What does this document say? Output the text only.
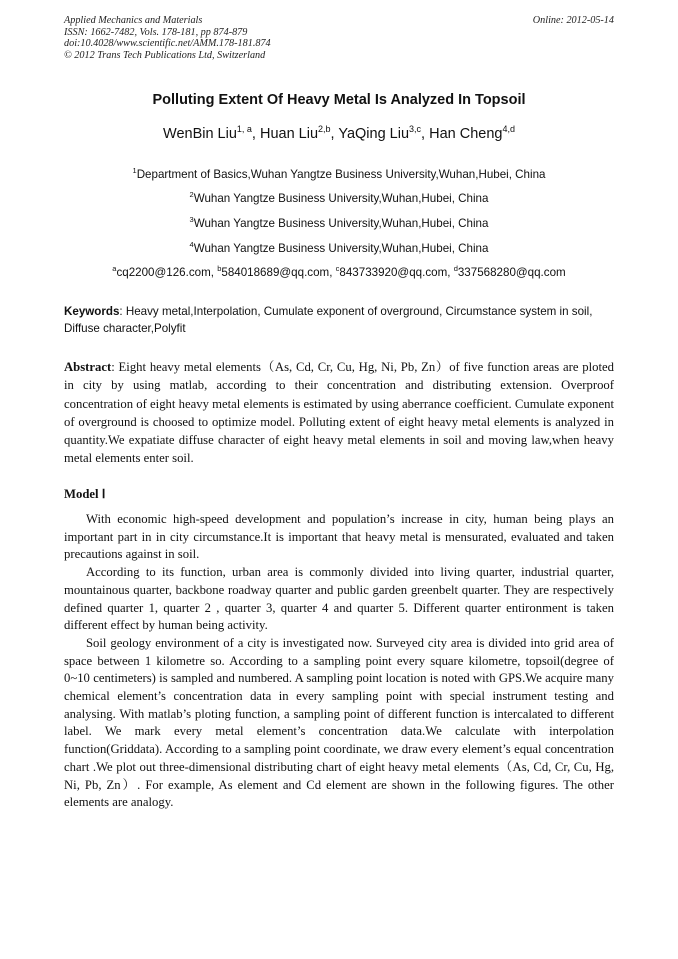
Applied Mechanics and Materials
ISSN: 1662-7482, Vols. 178-181, pp 874-879
doi:10.4028/www.scientific.net/AMM.178-181.874
© 2012 Trans Tech Publications Ltd, Switzerland
Online: 2012-05-14
Polluting Extent Of Heavy Metal Is Analyzed In Topsoil
WenBin Liu$^{1, a}$, Huan Liu$^{2,b}$, YaQing Liu$^{3,c}$, Han Cheng$^{4,d}$
$^1$Department of Basics,Wuhan Yangtze Business University,Wuhan,Hubei, China
$^2$Wuhan Yangtze Business University,Wuhan,Hubei, China
$^3$Wuhan Yangtze Business University,Wuhan,Hubei, China
$^4$Wuhan Yangtze Business University,Wuhan,Hubei, China
$^a$cq2200@126.com, $^b$584018689@qq.com, $^c$843733920@qq.com, $^d$337568280@qq.com
Keywords: Heavy metal,Interpolation, Cumulate exponent of overground, Circumstance system in soil, Diffuse character,Polyfit
Abstract: Eight heavy metal elements（As, Cd, Cr, Cu, Hg, Ni, Pb, Zn）of five function areas are ploted in city by using matlab, according to their concentration and distributing extension. Overproof concentration of eight heavy metal elements is estimated by using aberrance coefficient. Cumulate exponent of overground is choosed to optimize model. Polluting extent of eight heavy metal elements is analyzed in quantity.We expatiate diffuse character of eight heavy metal elements in soil and moving law,when heavy metal elements enter soil.
Model Ⅰ

With economic high-speed development and population’s increase in city, human being plays an important part in in city circumstance.It is important that heavy metal is mensurated, evaluated and taken precautions against in soil.

According to its function, urban area is commonly divided into living quarter, industrial quarter, mountainous quarter, backbone roadway quarter and public garden greenbelt quarter. They are respectively defined quarter 1, quarter 2 , quarter 3, quarter 4 and quarter 5. Different quarter entironment is taken different effect by human being activity.

Soil geology environment of a city is investigated now. Surveyed city area is divided into grid area of space between 1 kilometre so. According to a sampling point every square kilometre, topsoil(degree of 0~10 centimeters) is sampled and numbered. A sampling point location is noted with GPS.We acquire many chemical element’s concentration data in every sampling point with special instrument testing and analysing. With matlab’s ploting function, a sampling point of different function is intercalated to different label. We mark every metal element’s concentration data.We calculate with interpolation function(Griddata). According to a sampling point coordinate, we draw every element’s equal concentration chart .We plot out three-dimensional distributing chart of eight heavy metal elements（As, Cd, Cr, Cu, Hg, Ni, Pb, Zn）. For example, As element and Cd element are shown in the following figures. The other elements are analogy.
